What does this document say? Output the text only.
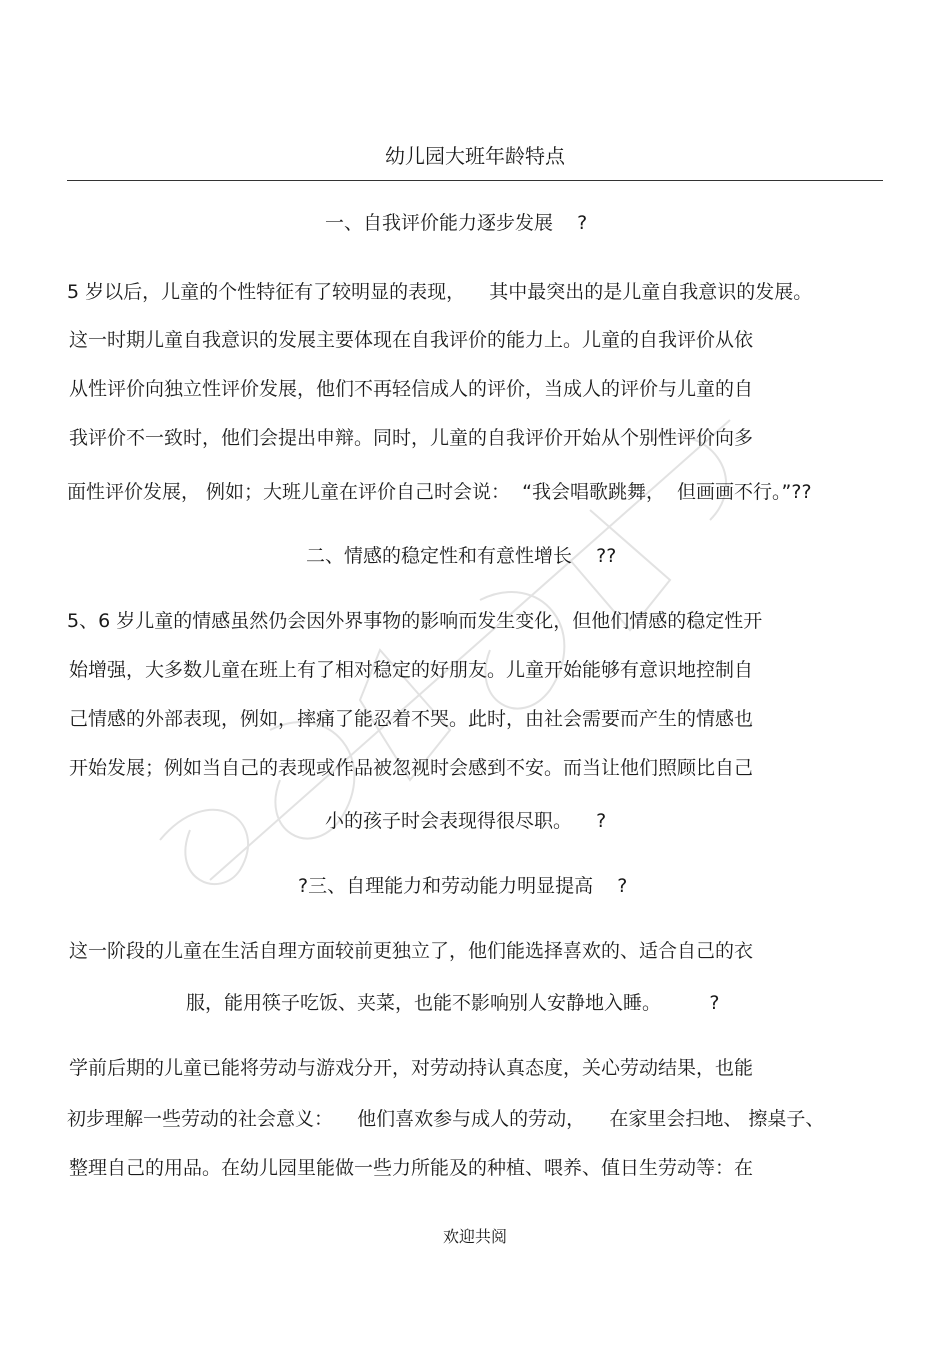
幼儿园大班年龄特点
一、自我评价能力逐步发展    ?
5 岁以后，儿童的个性特征有了较明显的表现，    其中最突出的是儿童自我意识的发展。
这一时期儿童自我意识的发展主要体现在自我评价的能力上。儿童的自我评价从依
从性评价向独立性评价发展，他们不再轻信成人的评价，当成人的评价与儿童的自
我评价不一致时，他们会提出申辩。同时，儿童的自我评价开始从个别性评价向多
面性评价发展， 例如；大班儿童在评价自己时会说：  “我会唱歌跳舞，  但画画不行。”??
二、情感的稳定性和有意性增长    ??
5、6 岁儿童的情感虽然仍会因外界事物的影响而发生变化，但他们情感的稳定性开
始增强，大多数儿童在班上有了相对稳定的好朋友。儿童开始能够有意识地控制自
己情感的外部表现，例如，摔痛了能忍着不哭。此时，由社会需要而产生的情感也
开始发展；例如当自己的表现或作品被忽视时会感到不安。而当让他们照顾比自己
小的孩子时会表现得很尽职。    ?
?三、自理能力和劳动能力明显提高    ?
这一阶段的儿童在生活自理方面较前更独立了，他们能选择喜欢的、适合自己的衣
服，能用筷子吃饭、夹菜，也能不影响别人安静地入睡。        ?
学前后期的儿童已能将劳动与游戏分开，对劳动持认真态度，关心劳动结果，也能
初步理解一些劳动的社会意义：    他们喜欢参与成人的劳动，    在家里会扫地、 擦桌子、
整理自己的用品。在幼儿园里能做一些力所能及的种植、喂养、值日生劳动等：在
欢迎共阅
